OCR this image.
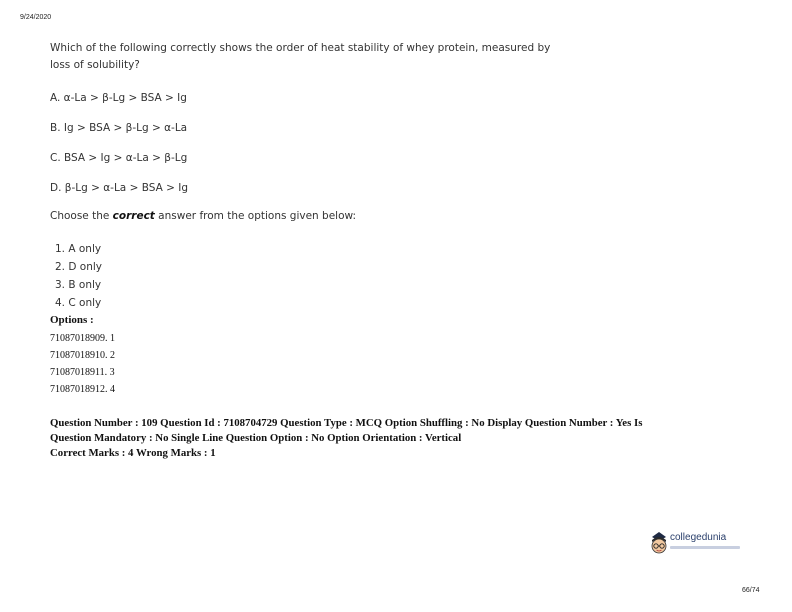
9/24/2020
Which of the following correctly shows the order of heat stability of whey protein, measured by loss of solubility?
A. α-La > β-Lg > BSA > Ig
B. Ig > BSA > β-Lg > α-La
C. BSA > Ig > α-La > β-Lg
D. β-Lg > α-La > BSA > Ig
Choose the correct answer from the options given below:
1. A only
2. D only
3. B only
4. C only
Options :
71087018909. 1
71087018910. 2
71087018911. 3
71087018912. 4
Question Number : 109 Question Id : 7108704729 Question Type : MCQ Option Shuffling : No Display Question Number : Yes Is
Question Mandatory : No Single Line Question Option : No Option Orientation : Vertical
Correct Marks : 4 Wrong Marks : 1
collegedunia
66/74
